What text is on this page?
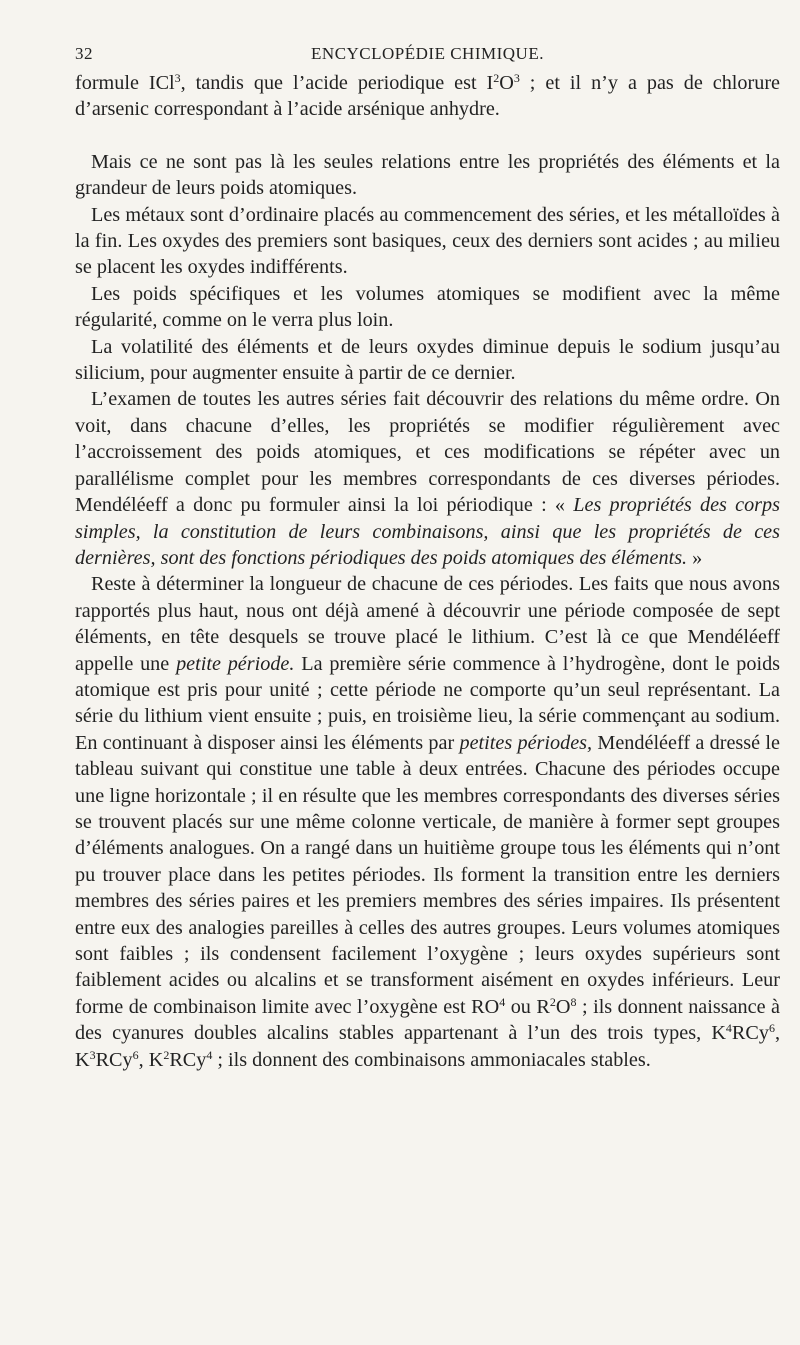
32	ENCYCLOPÉDIE CHIMIQUE.

formule ICl$^3$, tandis que l’acide periodique est $I^2O^3$ ; et il n’y a pas de chlorure d’arsenic correspondant à l’acide arsénique anhydre.

Mais ce ne sont pas là les seules relations entre les propriétés des éléments et la grandeur de leurs poids atomiques.

Les métaux sont d’ordinaire placés au commencement des séries, et les métalloïdes à la fin. Les oxydes des premiers sont basiques, ceux des derniers sont acides ; au milieu se placent les oxydes indifférents.

Les poids spécifiques et les volumes atomiques se modifient avec la même régularité, comme on le verra plus loin.

La volatilité des éléments et de leurs oxydes diminue depuis le sodium jusqu’au silicium, pour augmenter ensuite à partir de ce dernier.

L’examen de toutes les autres séries fait découvrir des relations du même ordre. On voit, dans chacune d’elles, les propriétés se modifier régulièrement avec l’accroissement des poids atomiques, et ces modifications se répéter avec un parallélisme complet pour les membres correspondants de ces diverses périodes. Mendéléeff a donc pu formuler ainsi la loi périodique : « Les propriétés des corps simples, la constitution de leurs combinaisons, ainsi que les propriétés de ces dernières, sont des fonctions périodiques des poids atomiques des éléments. »

Reste à déterminer la longueur de chacune de ces périodes. Les faits que nous avons rapportés plus haut, nous ont déjà amené à découvrir une période composée de sept éléments, en tête desquels se trouve placé le lithium. C’est là ce que Mendéléeff appelle une petite période. La première série commence à l’hydrogène, dont le poids atomique est pris pour unité ; cette période ne comporte qu’un seul représentant. La série du lithium vient ensuite ; puis, en troisième lieu, la série commençant au sodium. En continuant à disposer ainsi les éléments par petites périodes, Mendéléeff a dressé le tableau suivant qui constitue une table à deux entrées. Chacune des périodes occupe une ligne horizontale ; il en résulte que les membres correspondants des diverses séries se trouvent placés sur une même colonne verticale, de manière à former sept groupes d’éléments analogues. On a rangé dans un huitième groupe tous les éléments qui n’ont pu trouver place dans les petites périodes. Ils forment la transition entre les derniers membres des séries paires et les premiers membres des séries impaires. Ils présentent entre eux des analogies pareilles à celles des autres groupes. Leurs volumes atomiques sont faibles ; ils condensent facilement l’oxygène ; leurs oxydes supérieurs sont faiblement acides ou alcalins et se transforment aisément en oxydes inférieurs. Leur forme de combinaison limite avec l’oxygène est $RO^4$ ou $R^2O^8$ ; ils donnent naissance à des cyanures doubles alcalins stables appartenant à l’un des trois types, $K^4RCy^6$, $K^3RCy^6$, $K^2RCy^4$ ; ils donnent des combinaisons ammoniacales stables.
